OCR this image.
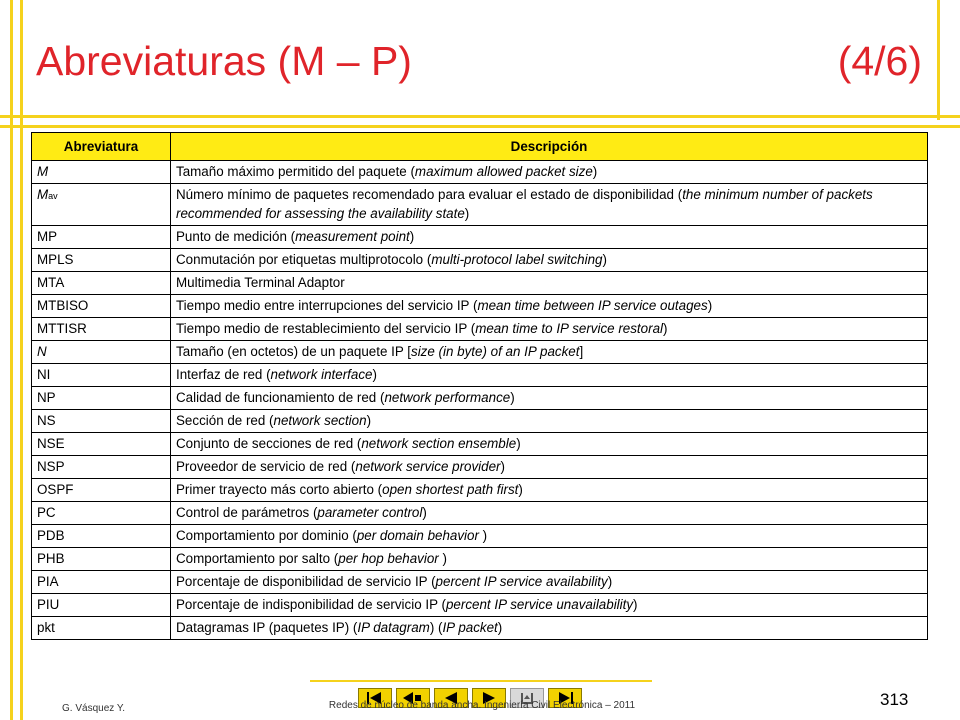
Abreviaturas (M – P)	(4/6)
Abreviatura	Descripción
M	Tamaño máximo permitido del paquete (maximum allowed packet size)
Mav	Número mínimo de paquetes recomendado para evaluar el estado de disponibilidad (the minimum number of packets recommended for assessing the availability state)
MP	Punto de medición (measurement point)
MPLS	Conmutación por etiquetas multiprotocolo (multi-protocol label switching)
MTA	Multimedia Terminal Adaptor
MTBISO	Tiempo medio entre interrupciones del servicio IP (mean time between IP service outages)
MTTISR	Tiempo medio de restablecimiento del servicio IP (mean time to IP service restoral)
N	Tamaño (en octetos) de un paquete IP [size (in byte) of an IP packet]
NI	Interfaz de red (network interface)
NP	Calidad de funcionamiento de red (network performance)
NS	Sección de red (network section)
NSE	Conjunto de secciones de red (network section ensemble)
NSP	Proveedor de servicio de red (network service provider)
OSPF	Primer trayecto más corto abierto (open shortest path first)
PC	Control de parámetros (parameter control)
PDB	Comportamiento por dominio (per domain behavior )
PHB	Comportamiento por salto (per hop behavior )
PIA	Porcentaje de disponibilidad de servicio IP (percent IP service availability)
PIU	Porcentaje de indisponibilidad de servicio IP (percent IP service unavailability)
pkt	Datagramas IP (paquetes IP) (IP datagram) (IP packet)
G. Vásquez Y.	Redes de núcleo de banda ancha. Ingeniería Civil Electrónica – 2011	313
